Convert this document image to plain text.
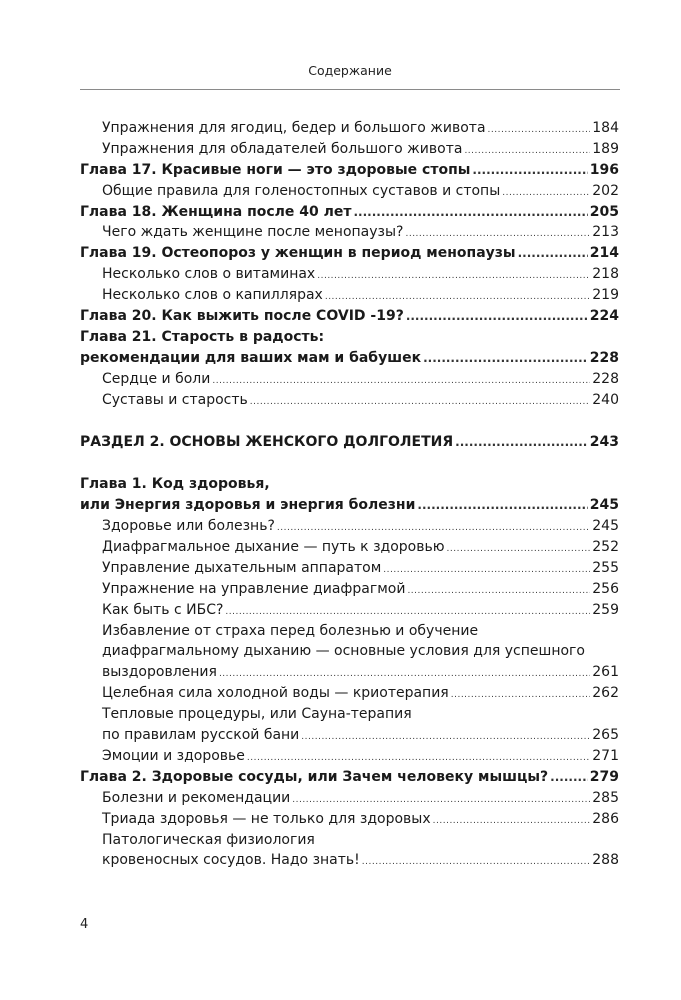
Содержание
Упражнения для ягодиц, бедер и большого живота .....	184
Упражнения для обладателей большого живота .....	189
Глава 17. Красивые ноги — это здоровые стопы .....	196
Общие правила для голеностопных суставов и стопы .....	202
Глава 18. Женщина после 40 лет .....	205
Чего ждать женщине после менопаузы? .....	213
Глава 19. Остеопороз у женщин в период менопаузы .....	214
Несколько слов о витаминах .....	218
Несколько слов о капиллярах .....	219
Глава 20. Как выжить после COVID -19? .....	224
Глава 21. Старость в радость:
рекомендации для ваших мам и бабушек .....	228
Сердце и боли .....	228
Суставы и старость .....	240
РАЗДЕЛ 2. ОСНОВЫ ЖЕНСКОГО ДОЛГОЛЕТИЯ .....	243
Глава 1. Код здоровья,
или Энергия здоровья и энергия болезни .....	245
Здоровье или болезнь? .....	245
Диафрагмальное дыхание — путь к здоровью .....	252
Управление дыхательным аппаратом .....	255
Упражнение на управление диафрагмой .....	256
Как быть с ИБС? .....	259
Избавление от страха перед болезнью и обучение
диафрагмальному дыханию — основные условия для успешного
выздоровления .....	261
Целебная сила холодной воды — криотерапия .....	262
Тепловые процедуры, или Сауна-терапия
по правилам русской бани .....	265
Эмоции и здоровье .....	271
Глава 2. Здоровые сосуды, или Зачем человеку мышцы? .....	279
Болезни и рекомендации .....	285
Триада здоровья — не только для здоровых .....	286
Патологическая физиология
кровеносных сосудов. Надо знать! .....	288
4
